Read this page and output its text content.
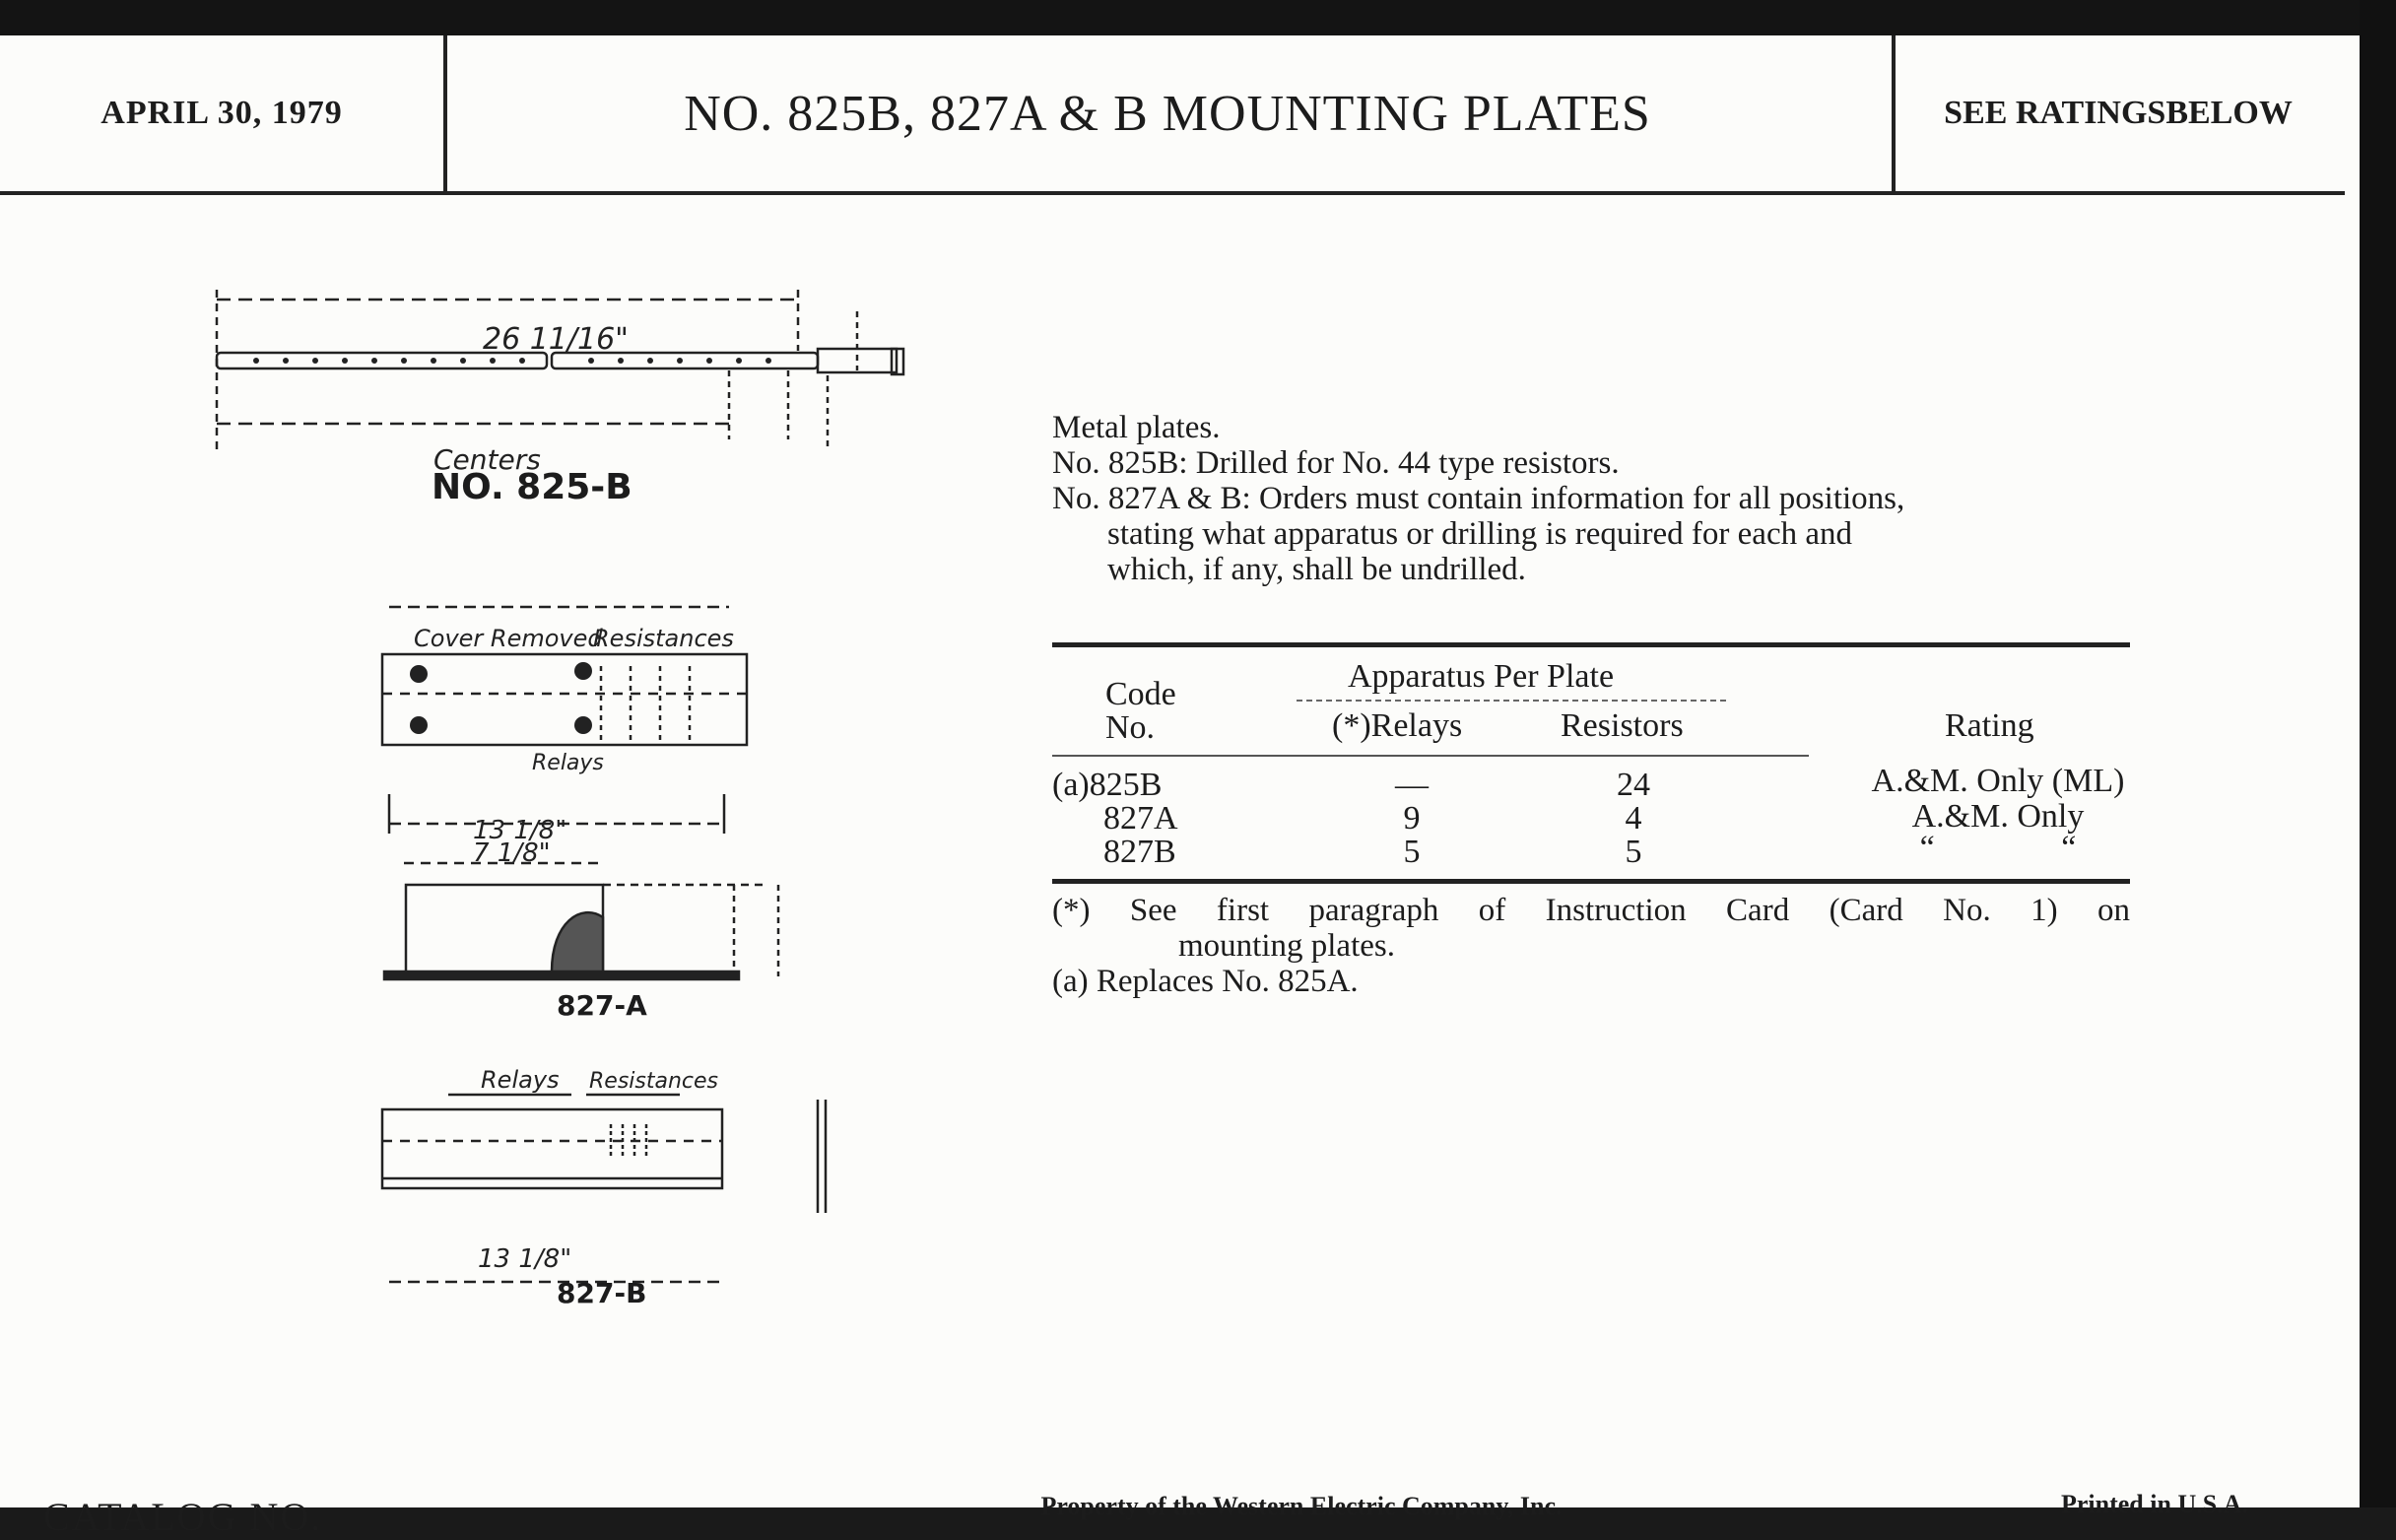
APRIL 30, 1979	NO. 825B, 827A & B MOUNTING PLATES	SEE RATINGS BELOW
26 11/16"
Centers
Cover Removed
Resistances
Relays
13 1/8"
7 1/8"
Relays Resistances
13 1/8"
NO. 825-B
827-A
827-B

Metal plates.

No. 825B: Drilled for No. 44 type resistors.

No. 827A & B: Orders must contain information for all positions,

stating what apparatus or drilling is required for each and

which, if any, shall be undrilled.

Code
No.
Apparatus Per Plate
(*)Relays	Resistors	Rating
(a)825B	—	24	A.&M. Only (ML)
827A	9	4	A.&M. Only
827B	5	5	“ “

(*) See first paragraph of Instruction Card (Card No. 1) on

mounting plates.

(a) Replaces No. 825A.

CATALOG NO.	Property of the Western Electric Company, Inc.	Printed in U.S.A.
